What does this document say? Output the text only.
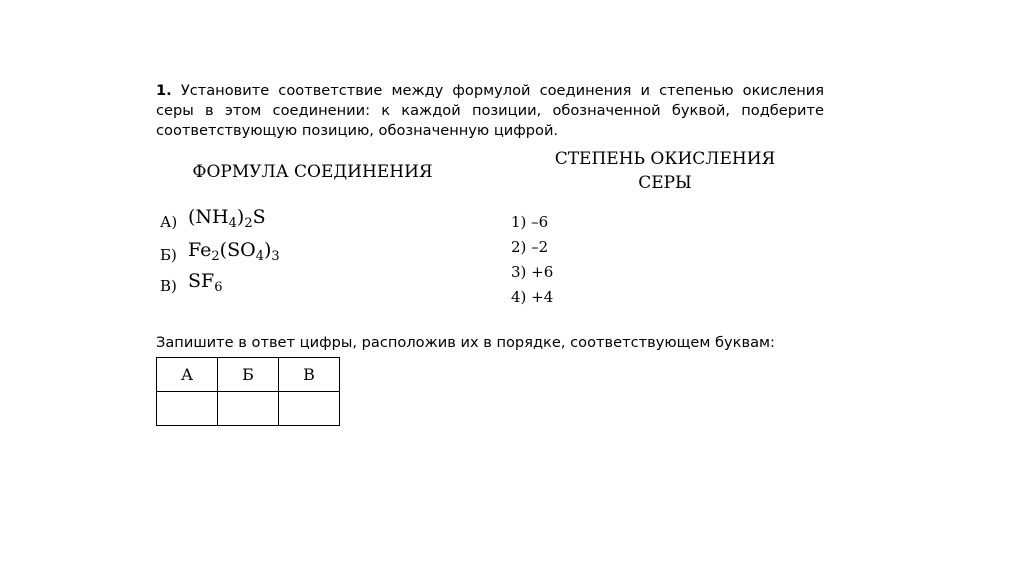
1. Установите соответствие между формулой соединения и степенью окисления серы в этом соединении: к каждой позиции, обозначенной буквой, подберите соответствующую позицию, обозначенную цифрой.
ФОРМУЛА СОЕДИНЕНИЯ
СТЕПЕНЬ ОКИСЛЕНИЯ
СЕРЫ
А) $(NH_4)_2S$
Б) $Fe_2(SO_4)_3$
В) $SF_6$
1) –6
2) –2
3) +6
4) +4
Запишите в ответ цифры, расположив их в порядке, соответствующем буквам:
А	Б	В
